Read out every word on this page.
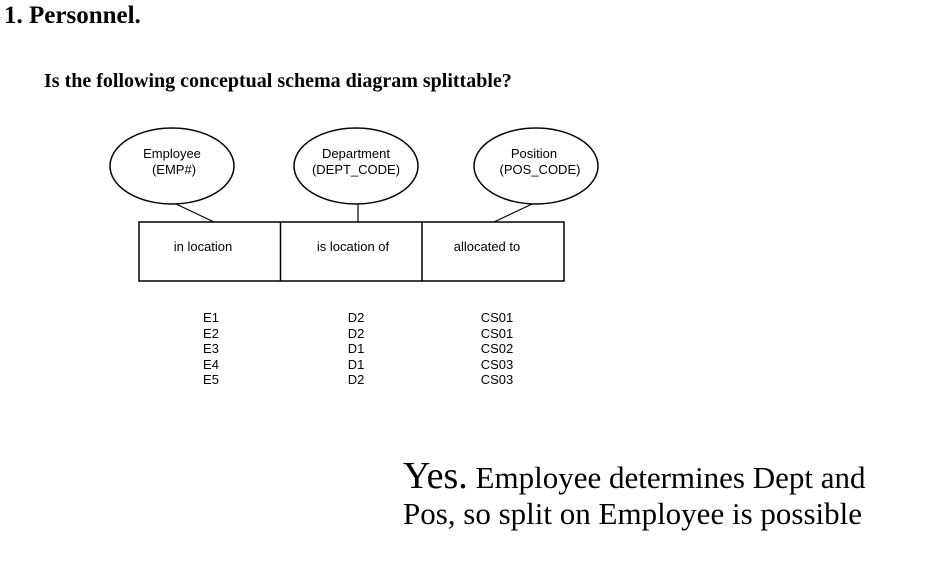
1. Personnel.
Is the following conceptual schema diagram splittable?
Employee
(EMP#)
Department
(DEPT_CODE)
Position
(POS_CODE)
in location	is location of	allocated to
E1
E2
E3
E4
E5
D2
D2
D1
D1
D2
CS01
CS01
CS02
CS03
CS03
Yes. Employee determines Dept and Pos, so split on Employee is possible
